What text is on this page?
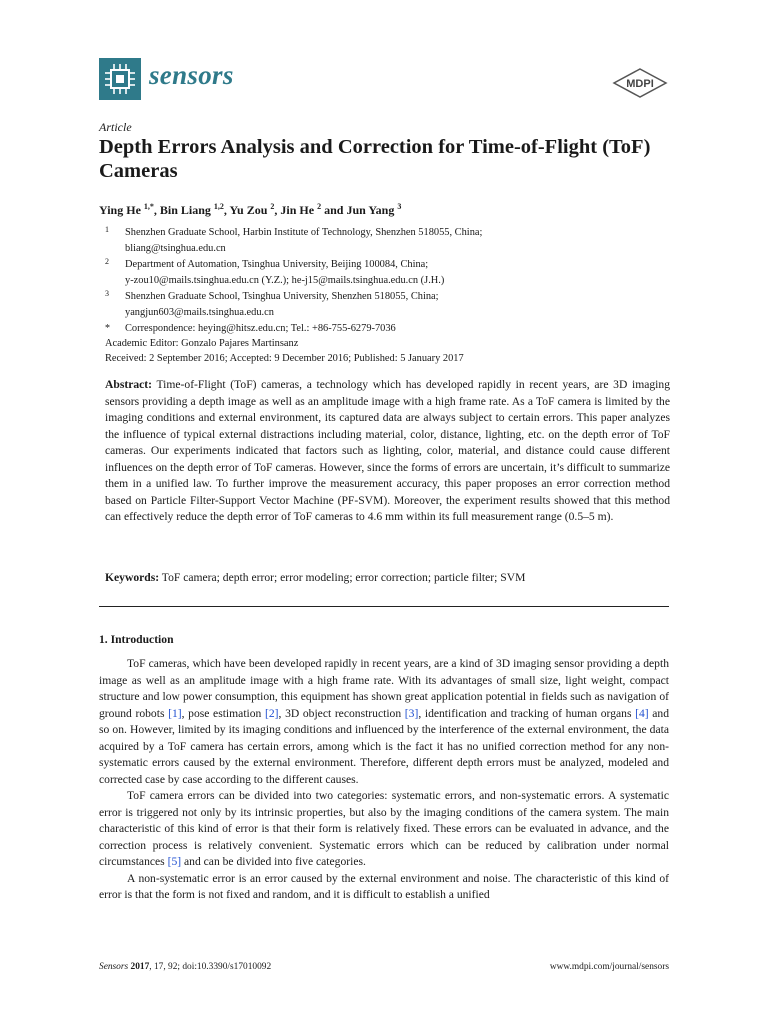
sensors	MDPI
Article
Depth Errors Analysis and Correction for Time-of-Flight (ToF) Cameras
Ying He $^{1,*}$, Bin Liang $^{1,2}$, Yu Zou $^2$, Jin He $^2$ and Jun Yang $^3$
1 Shenzhen Graduate School, Harbin Institute of Technology, Shenzhen 518055, China;
bliang@tsinghua.edu.cn
2 Department of Automation, Tsinghua University, Beijing 100084, China;
y-zou10@mails.tsinghua.edu.cn (Y.Z.); he-j15@mails.tsinghua.edu.cn (J.H.)
3 Shenzhen Graduate School, Tsinghua University, Shenzhen 518055, China;
yangjun603@mails.tsinghua.edu.cn
* Correspondence: heying@hitsz.edu.cn; Tel.: +86-755-6279-7036
Academic Editor: Gonzalo Pajares Martinsanz
Received: 2 September 2016; Accepted: 9 December 2016; Published: 5 January 2017
Abstract: Time-of-Flight (ToF) cameras, a technology which has developed rapidly in recent years, are 3D imaging sensors providing a depth image as well as an amplitude image with a high frame rate. As a ToF camera is limited by the imaging conditions and external environment, its captured data are always subject to certain errors. This paper analyzes the influence of typical external distractions including material, color, distance, lighting, etc. on the depth error of ToF cameras. Our experiments indicated that factors such as lighting, color, material, and distance could cause different influences on the depth error of ToF cameras. However, since the forms of errors are uncertain, it’s difficult to summarize them in a unified law. To further improve the measurement accuracy, this paper proposes an error correction method based on Particle Filter-Support Vector Machine (PF-SVM). Moreover, the experiment results showed that this method can effectively reduce the depth error of ToF cameras to 4.6 mm within its full measurement range (0.5–5 m).
Keywords: ToF camera; depth error; error modeling; error correction; particle filter; SVM
1. Introduction

ToF cameras, which have been developed rapidly in recent years, are a kind of 3D imaging sensor providing a depth image as well as an amplitude image with a high frame rate. With its advantages of small size, light weight, compact structure and low power consumption, this equipment has shown great application potential in fields such as navigation of ground robots [1], pose estimation [2], 3D object reconstruction [3], identification and tracking of human organs [4] and so on. However, limited by its imaging conditions and influenced by the interference of the external environment, the data acquired by a ToF camera has certain errors, among which is the fact it has no unified correction method for any non-systematic errors caused by the external environment. Therefore, different depth errors must be analyzed, modeled and corrected case by case according to the different causes.

ToF camera errors can be divided into two categories: systematic errors, and non-systematic errors. A systematic error is triggered not only by its intrinsic properties, but also by the imaging conditions of the camera system. The main characteristic of this kind of error is that their form is relatively fixed. These errors can be evaluated in advance, and the correction process is relatively convenient. Systematic errors which can be reduced by calibration under normal circumstances [5] and can be divided into five categories.

A non-systematic error is an error caused by the external environment and noise. The characteristic of this kind of error is that the form is not fixed and random, and it is difficult to establish a unified

Sensors 2017, 17, 92; doi:10.3390/s17010092	www.mdpi.com/journal/sensors
